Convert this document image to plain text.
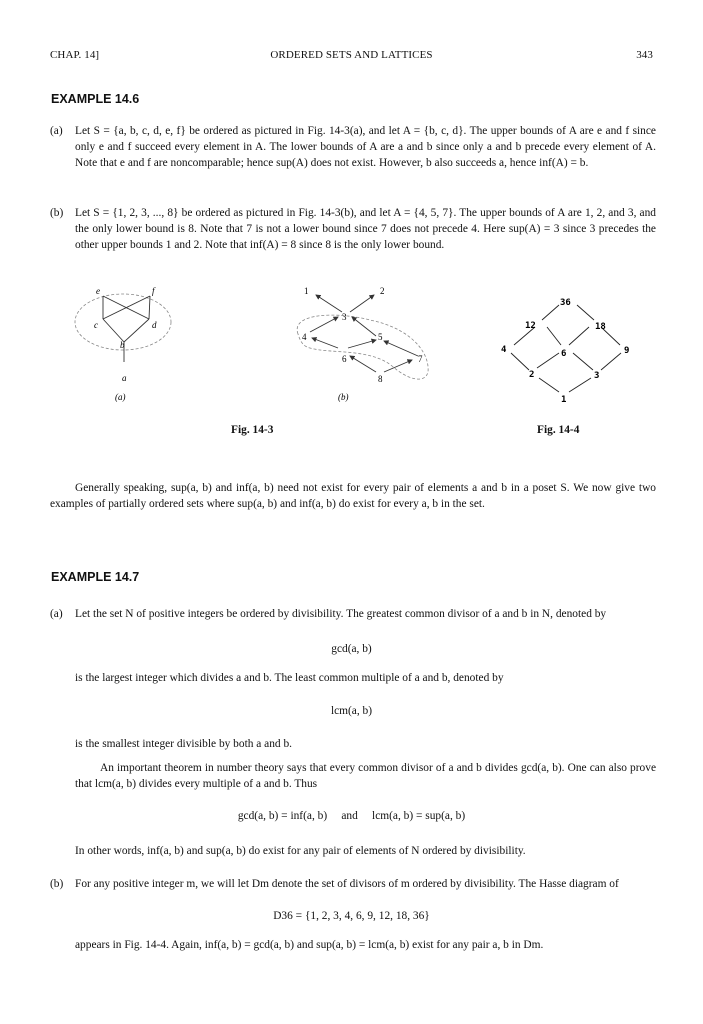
CHAP. 14]	ORDERED SETS AND LATTICES	343
EXAMPLE 14.6
(a) Let S = {a, b, c, d, e, f} be ordered as pictured in Fig. 14-3(a), and let A = {b, c, d}. The upper bounds of A are e and f since only e and f succeed every element in A. The lower bounds of A are a and b since only a and b precede every element of A. Note that e and f are noncomparable; hence sup(A) does not exist. However, b also succeeds a, hence inf(A) = b.
(b) Let S = {1, 2, 3, ..., 8} be ordered as pictured in Fig. 14-3(b), and let A = {4, 5, 7}. The upper bounds of A are 1, 2, and 3, and the only lower bound is 8. Note that 7 is not a lower bound since 7 does not precede 4. Here sup(A) = 3 since 3 precedes the other upper bounds 1 and 2. Note that inf(A) = 8 since 8 is the only lower bound.
e	f
c	d
b
a
(a)
1	2
3
4	5
6	7
8
(b)
36
12	18
4	6	9
2	3
1
Fig. 14-3	Fig. 14-4
Generally speaking, sup(a, b) and inf(a, b) need not exist for every pair of elements a and b in a poset S. We now give two examples of partially ordered sets where sup(a, b) and inf(a, b) do exist for every a, b in the set.
EXAMPLE 14.7
(a) Let the set N of positive integers be ordered by divisibility. The greatest common divisor of a and b in N, denoted by
gcd(a, b)
is the largest integer which divides a and b. The least common multiple of a and b, denoted by
lcm(a, b)
is the smallest integer divisible by both a and b.
An important theorem in number theory says that every common divisor of a and b divides gcd(a, b). One can also prove that lcm(a, b) divides every multiple of a and b. Thus
gcd(a, b) = inf(a, b)     and     lcm(a, b) = sup(a, b)
In other words, inf(a, b) and sup(a, b) do exist for any pair of elements of N ordered by divisibility.
(b) For any positive integer m, we will let Dm denote the set of divisors of m ordered by divisibility. The Hasse diagram of
D36 = {1, 2, 3, 4, 6, 9, 12, 18, 36}
appears in Fig. 14-4. Again, inf(a, b) = gcd(a, b) and sup(a, b) = lcm(a, b) exist for any pair a, b in Dm.
